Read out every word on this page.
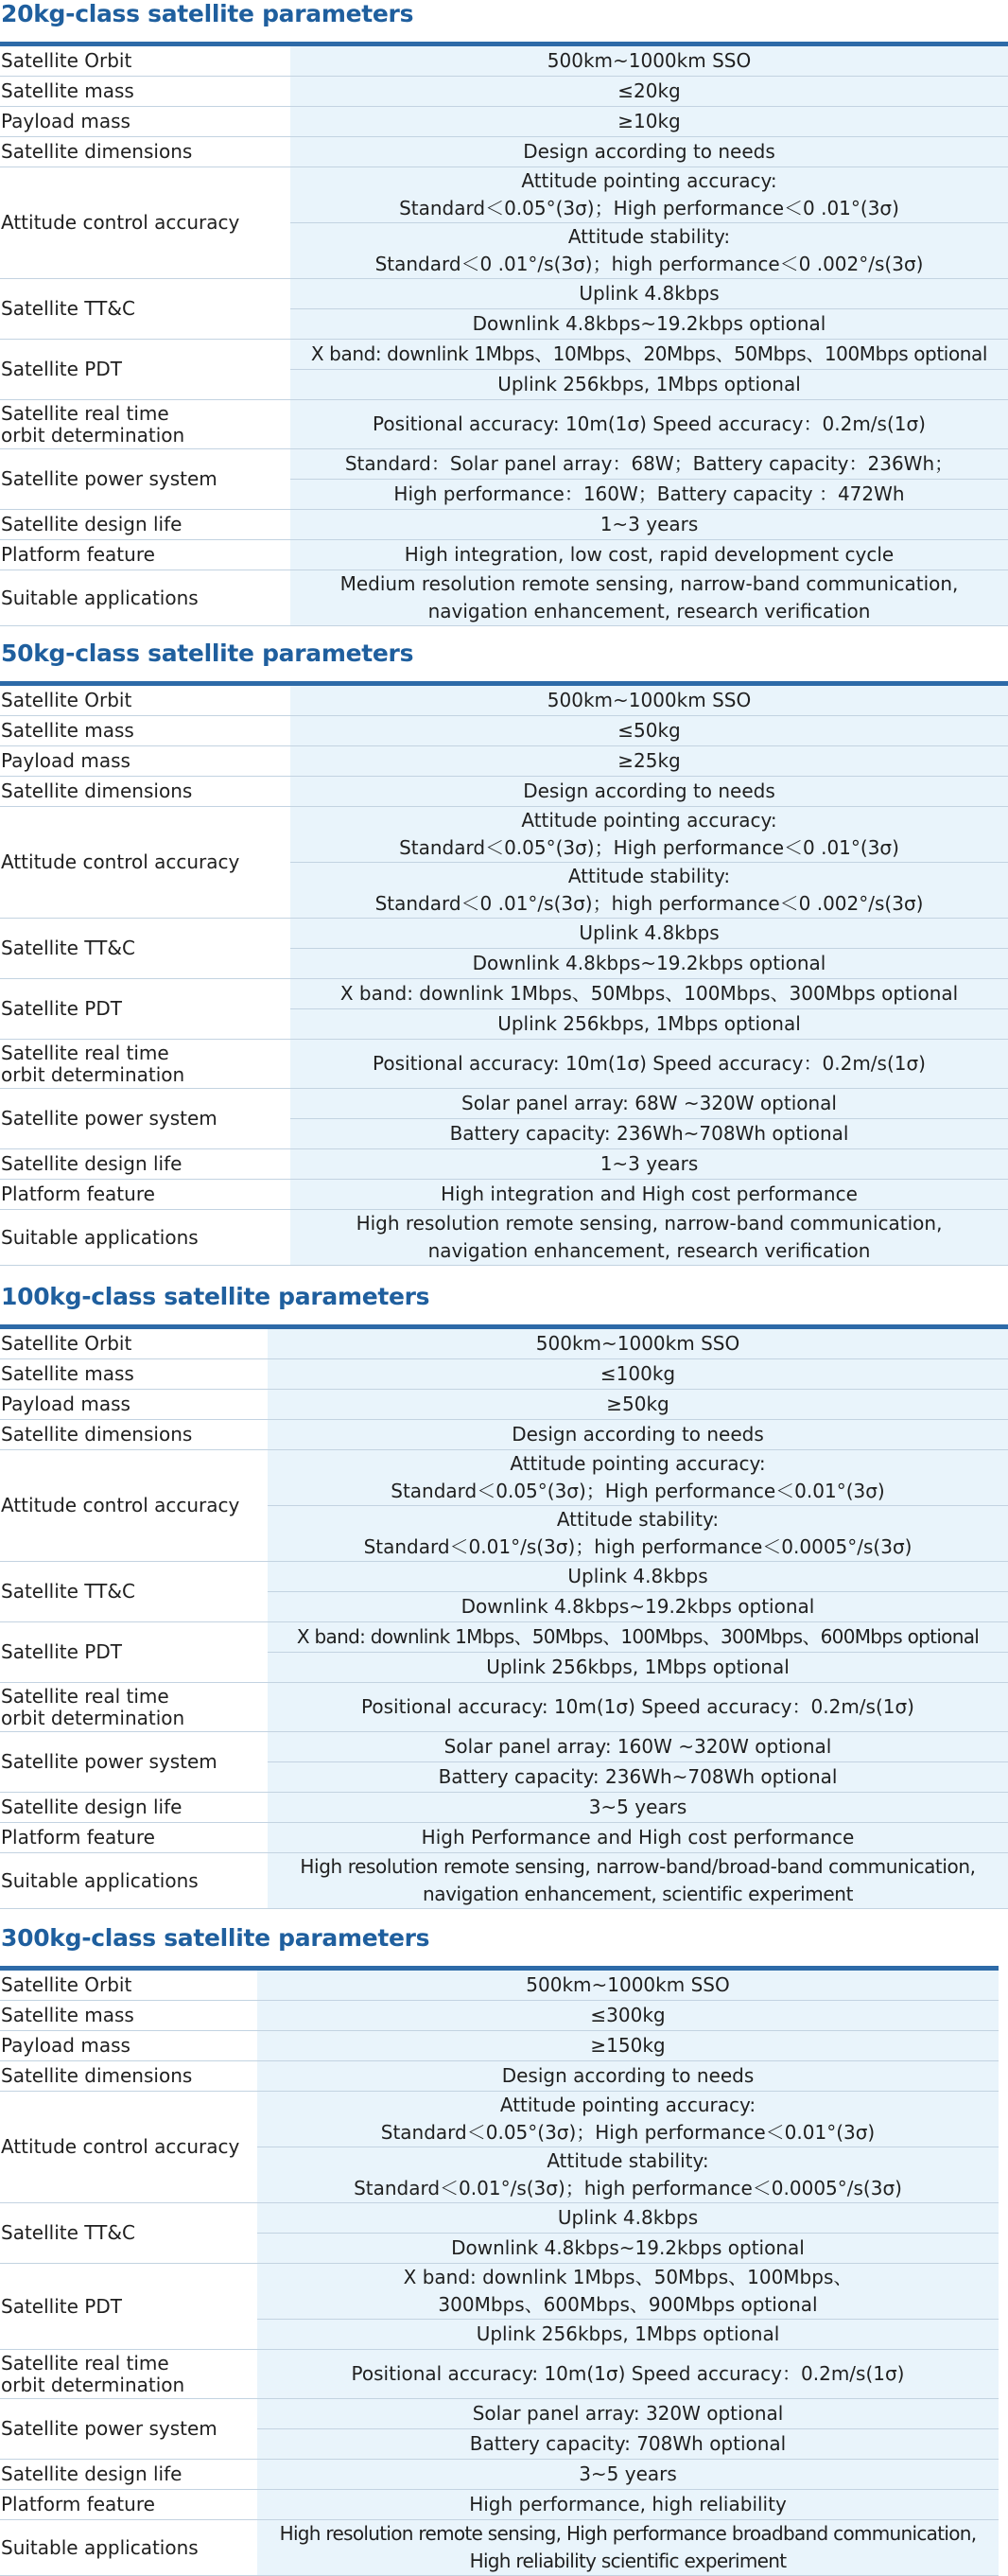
20kg-class satellite parameters
Satellite Orbit	500km~1000km SSO
Satellite mass	≤20kg
Payload mass	≥10kg
Satellite dimensions	Design according to needs
Attitude control accuracy	Attitude pointing accuracy:
Standard＜0.05°(3σ)；High performance＜0 .01°(3σ)
	Attitude stability:
Standard＜0 .01°/s(3σ)；high performance＜0 .002°/s(3σ)
Satellite TT&C	Uplink 4.8kbps
	Downlink 4.8kbps~19.2kbps optional
Satellite PDT	X band: downlink 1Mbps、10Mbps、20Mbps、50Mbps、100Mbps optional
	Uplink 256kbps, 1Mbps optional
Satellite real time
orbit determination	Positional accuracy: 10m(1σ) Speed accuracy：0.2m/s(1σ)
Satellite power system	Standard：Solar panel array：68W；Battery capacity：236Wh；
	High performance：160W；Battery capacity ：472Wh
Satellite design life	1~3 years
Platform feature	High integration, low cost, rapid development cycle
Suitable applications	Medium resolution remote sensing, narrow-band communication,
navigation enhancement, research verification
50kg-class satellite parameters
Satellite Orbit	500km~1000km SSO
Satellite mass	≤50kg
Payload mass	≥25kg
Satellite dimensions	Design according to needs
Attitude control accuracy	Attitude pointing accuracy:
Standard＜0.05°(3σ)；High performance＜0 .01°(3σ)
	Attitude stability:
Standard＜0 .01°/s(3σ)；high performance＜0 .002°/s(3σ)
Satellite TT&C	Uplink 4.8kbps
	Downlink 4.8kbps~19.2kbps optional
Satellite PDT	X band: downlink 1Mbps、50Mbps、100Mbps、300Mbps optional
	Uplink 256kbps, 1Mbps optional
Satellite real time
orbit determination	Positional accuracy: 10m(1σ) Speed accuracy：0.2m/s(1σ)
Satellite power system	Solar panel array: 68W ~320W optional
	Battery capacity: 236Wh~708Wh optional
Satellite design life	1~3 years
Platform feature	High integration and High cost performance
Suitable applications	High resolution remote sensing, narrow-band communication,
navigation enhancement, research verification
100kg-class satellite parameters
Satellite Orbit	500km~1000km SSO
Satellite mass	≤100kg
Payload mass	≥50kg
Satellite dimensions	Design according to needs
Attitude control accuracy	Attitude pointing accuracy:
Standard＜0.05°(3σ)；High performance＜0.01°(3σ)
	Attitude stability:
Standard＜0.01°/s(3σ)；high performance＜0.0005°/s(3σ)
Satellite TT&C	Uplink 4.8kbps
	Downlink 4.8kbps~19.2kbps optional
Satellite PDT	X band: downlink 1Mbps、50Mbps、100Mbps、300Mbps、600Mbps optional
	Uplink 256kbps, 1Mbps optional
Satellite real time
orbit determination	Positional accuracy: 10m(1σ) Speed accuracy：0.2m/s(1σ)
Satellite power system	Solar panel array: 160W ~320W optional
	Battery capacity: 236Wh~708Wh optional
Satellite design life	3~5 years
Platform feature	High Performance and High cost performance
Suitable applications	High resolution remote sensing, narrow-band/broad-band communication,
navigation enhancement, scientific experiment
300kg-class satellite parameters
Satellite Orbit	500km~1000km SSO
Satellite mass	≤300kg
Payload mass	≥150kg
Satellite dimensions	Design according to needs
Attitude control accuracy	Attitude pointing accuracy:
Standard＜0.05°(3σ)；High performance＜0.01°(3σ)
	Attitude stability:
Standard＜0.01°/s(3σ)；high performance＜0.0005°/s(3σ)
Satellite TT&C	Uplink 4.8kbps
	Downlink 4.8kbps~19.2kbps optional
Satellite PDT	X band: downlink 1Mbps、50Mbps、100Mbps、
300Mbps、600Mbps、900Mbps optional
	Uplink 256kbps, 1Mbps optional
Satellite real time
orbit determination	Positional accuracy: 10m(1σ) Speed accuracy：0.2m/s(1σ)
Satellite power system	Solar panel array: 320W optional
	Battery capacity: 708Wh optional
Satellite design life	3~5 years
Platform feature	High performance, high reliability
Suitable applications	High resolution remote sensing, High performance broadband communication,
High reliability scientific experiment
